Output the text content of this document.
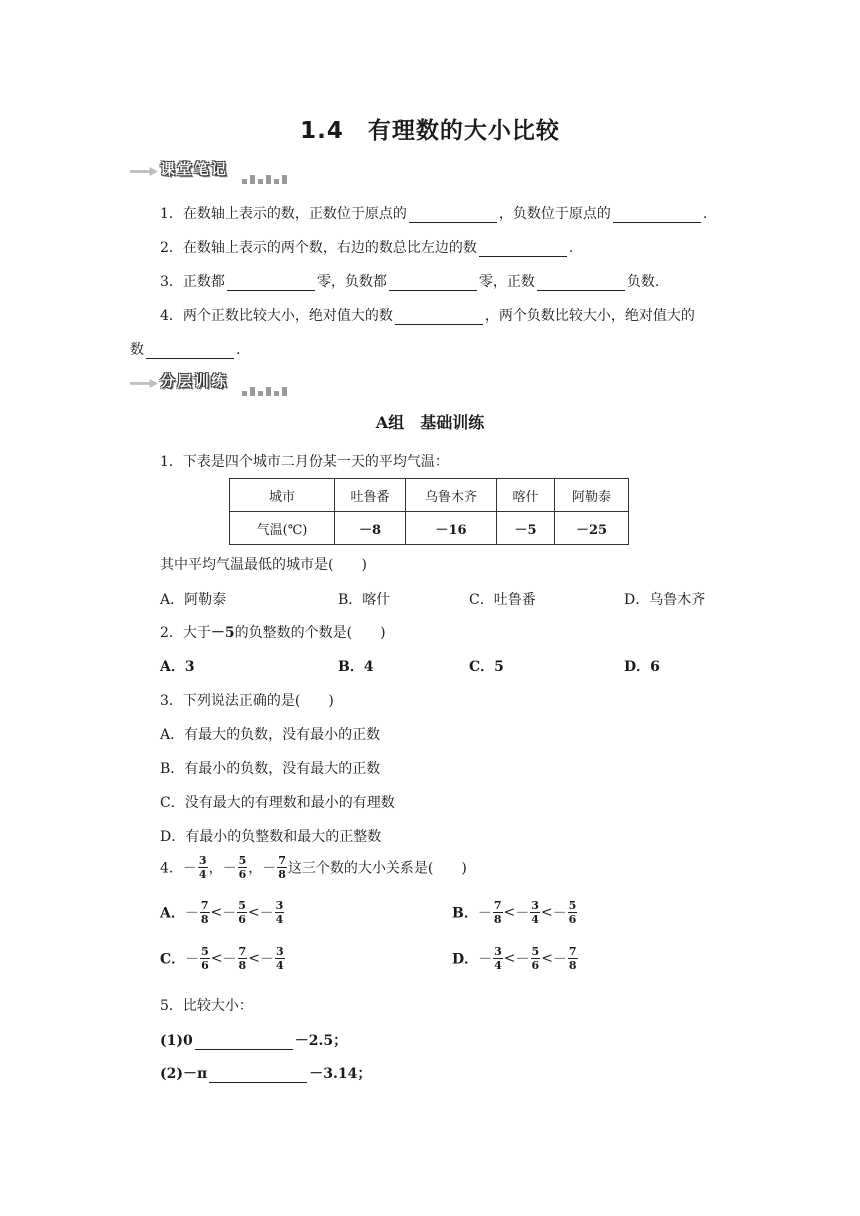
1.4　有理数的大小比较
课堂笔记
1．在数轴上表示的数，正数位于原点的	，负数位于原点的	.
2．在数轴上表示的两个数，右边的数总比左边的数	.
3．正数都	零，负数都	零，正数	负数.
4．两个正数比较大小，绝对值大的数	，两个负数比较大小，绝对值大的
数	.
分层训练
A组　基础训练
1．下表是四个城市二月份某一天的平均气温：
城市	吐鲁番	乌鲁木齐	喀什	阿勒泰
气温(℃)	－8	－16	－5	－25
其中平均气温最低的城市是(　　)
A．阿勒泰	B．喀什	C．吐鲁番	D．乌鲁木齐
2．大于－5的负整数的个数是(　　)
A．3	B．4	C．5	D．6
3．下列说法正确的是(　　)
A．有最大的负数，没有最小的正数
B．有最小的负数，没有最大的正数
C．没有最大的有理数和最小的有理数
D．有最小的负整数和最大的正整数
4．－ $\frac{3}{4}$ ，－ $\frac{5}{6}$ ，－ $\frac{7}{8}$ 这三个数的大小关系是(　　)
A．－ $\frac{7}{8} <- \frac{5}{6} <- \frac{3}{4}$	B．－ $\frac{7}{8} <- \frac{3}{4} <- \frac{5}{6}$
C．－ $\frac{5}{6} <- \frac{7}{8} <- \frac{3}{4}$	D．－ $\frac{3}{4} <- \frac{5}{6} <- \frac{7}{8}$
5．比较大小：
(1)0	－2.5；
(2)－π	－3.14；
